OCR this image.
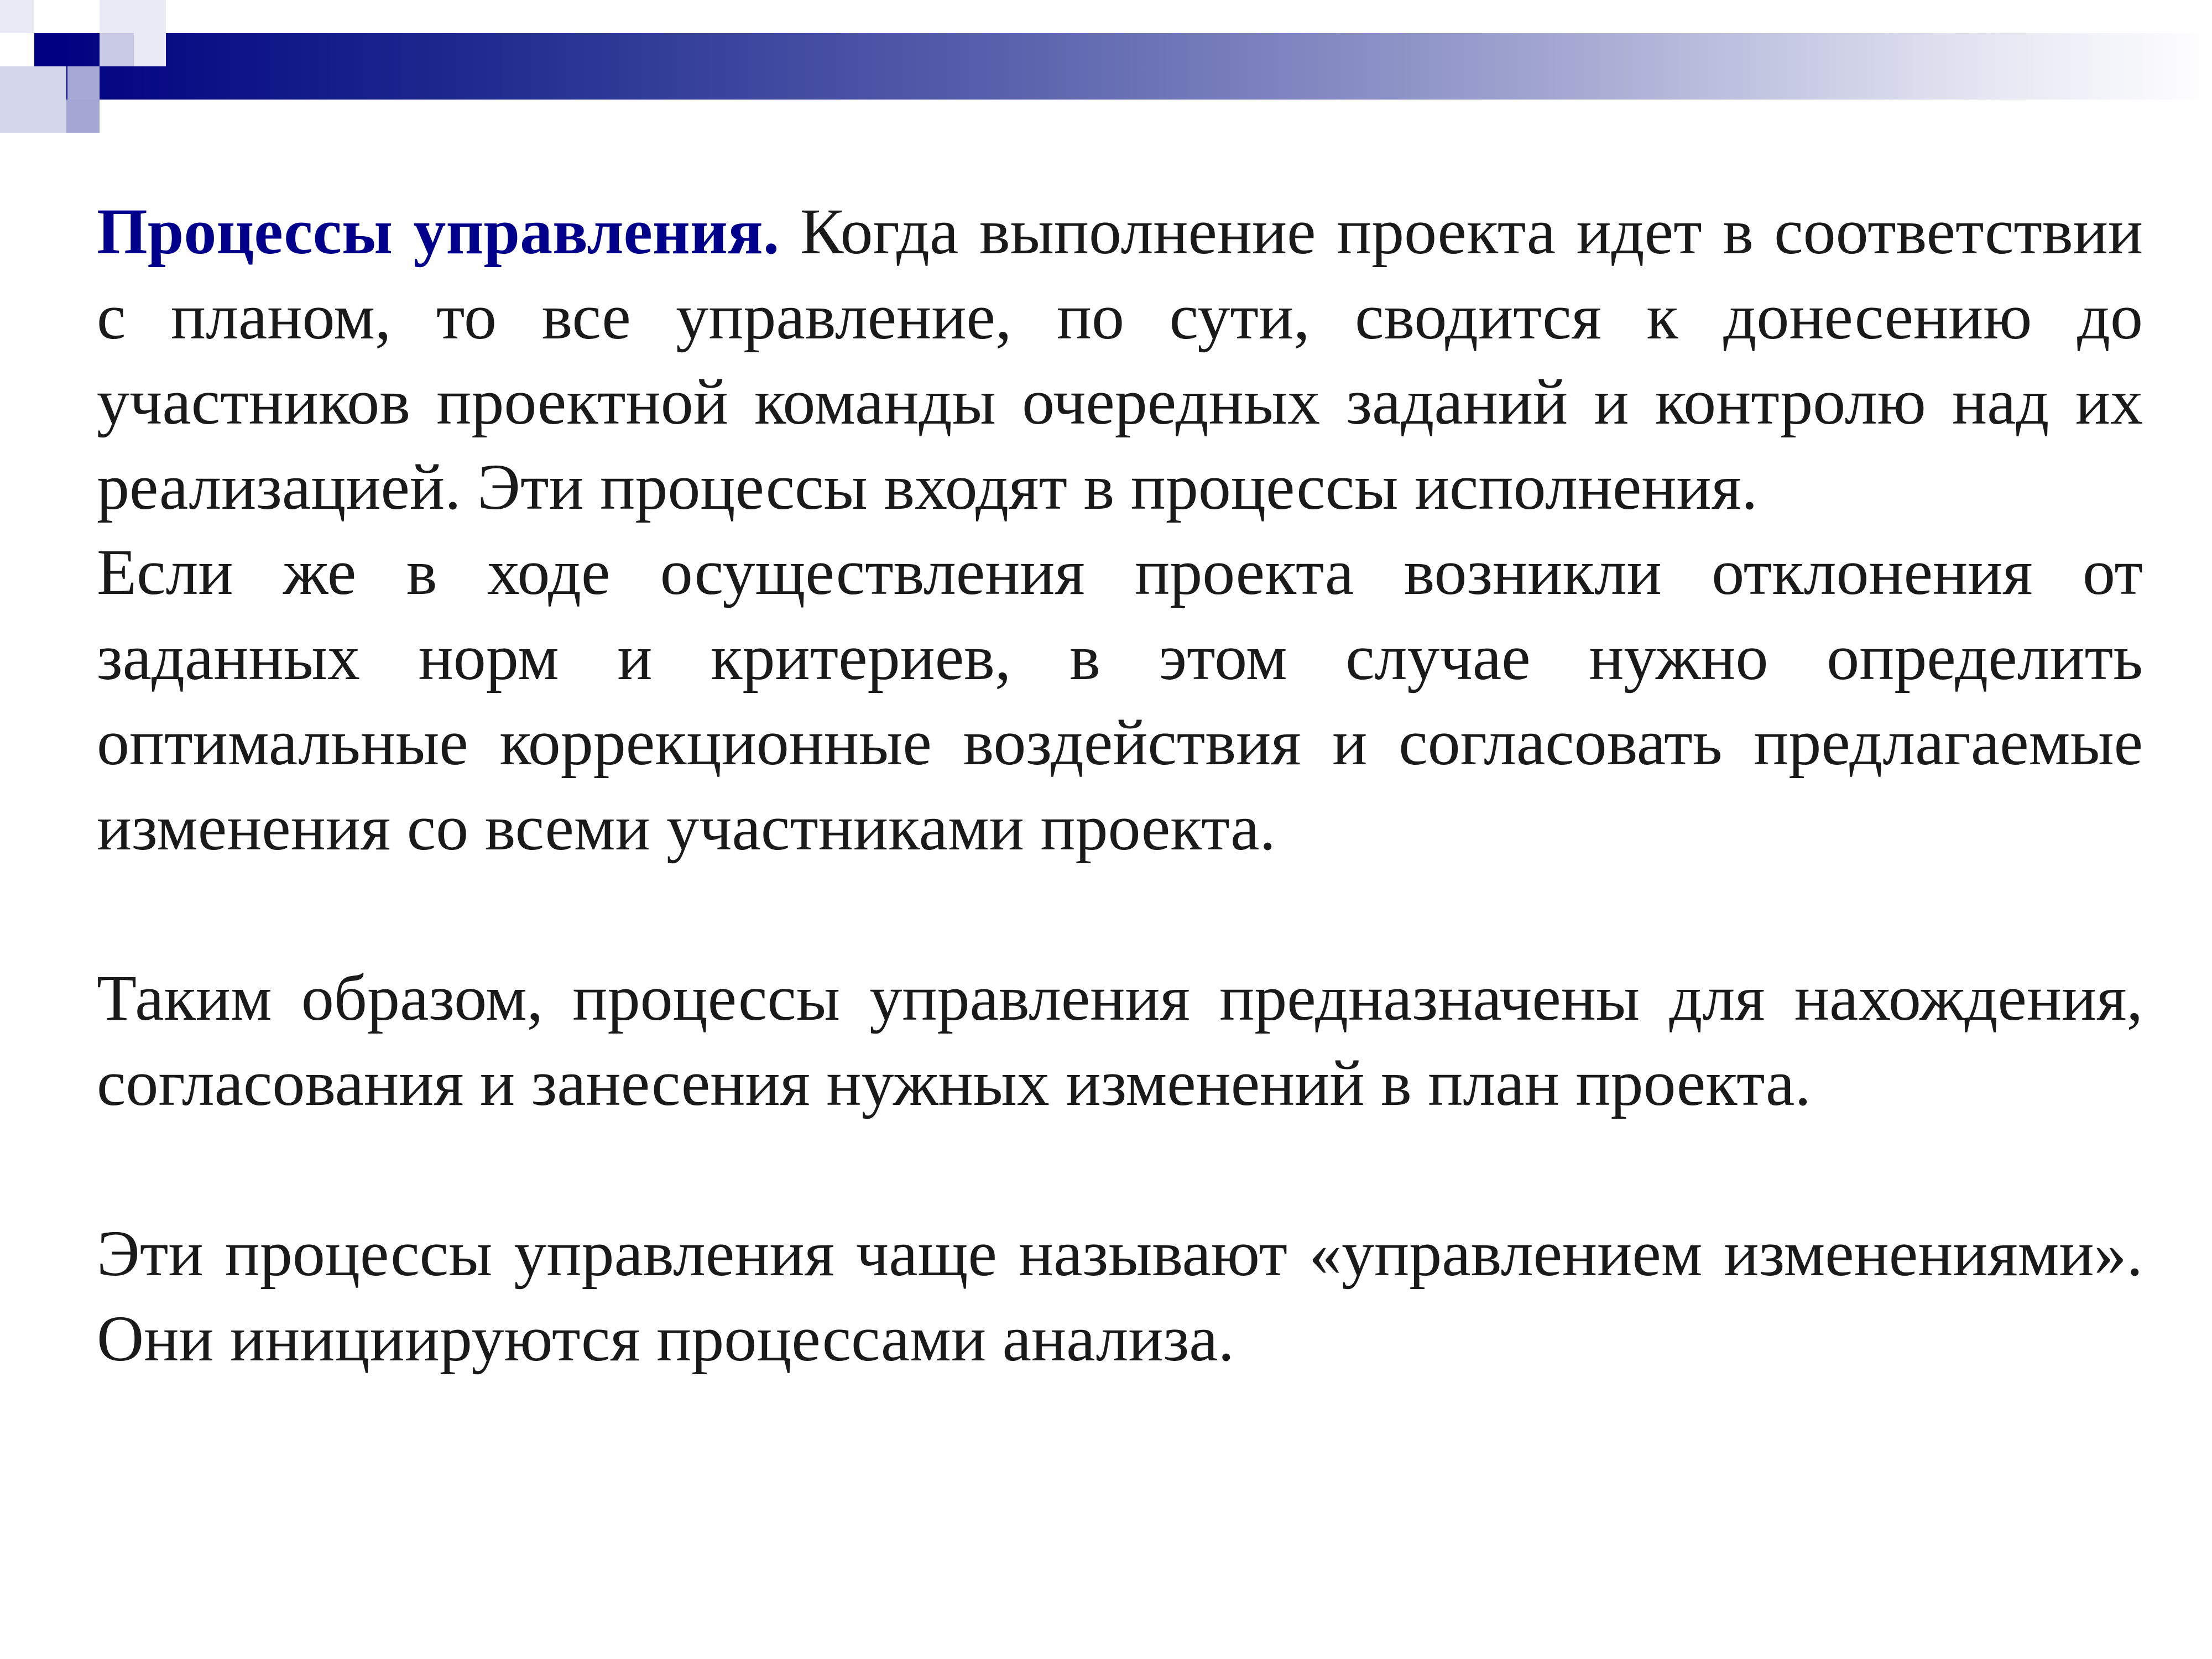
Процессы управления. Когда выполнение проекта идет в соответствии с планом, то все управление, по сути, сводится к донесению до участников проектной команды очередных заданий и контролю над их реализацией. Эти процессы входят в процессы исполнения.

Если же в ходе осуществления проекта возникли отклонения от заданных норм и критериев, в этом случае нужно определить оптимальные коррекционные воздействия и согласовать предлагаемые изменения со всеми участниками проекта.

Таким образом, процессы управления предназначены для нахождения, согласования и занесения нужных изменений в план проекта.

Эти процессы управления чаще называют «управлением изменениями». Они инициируются процессами анализа.
